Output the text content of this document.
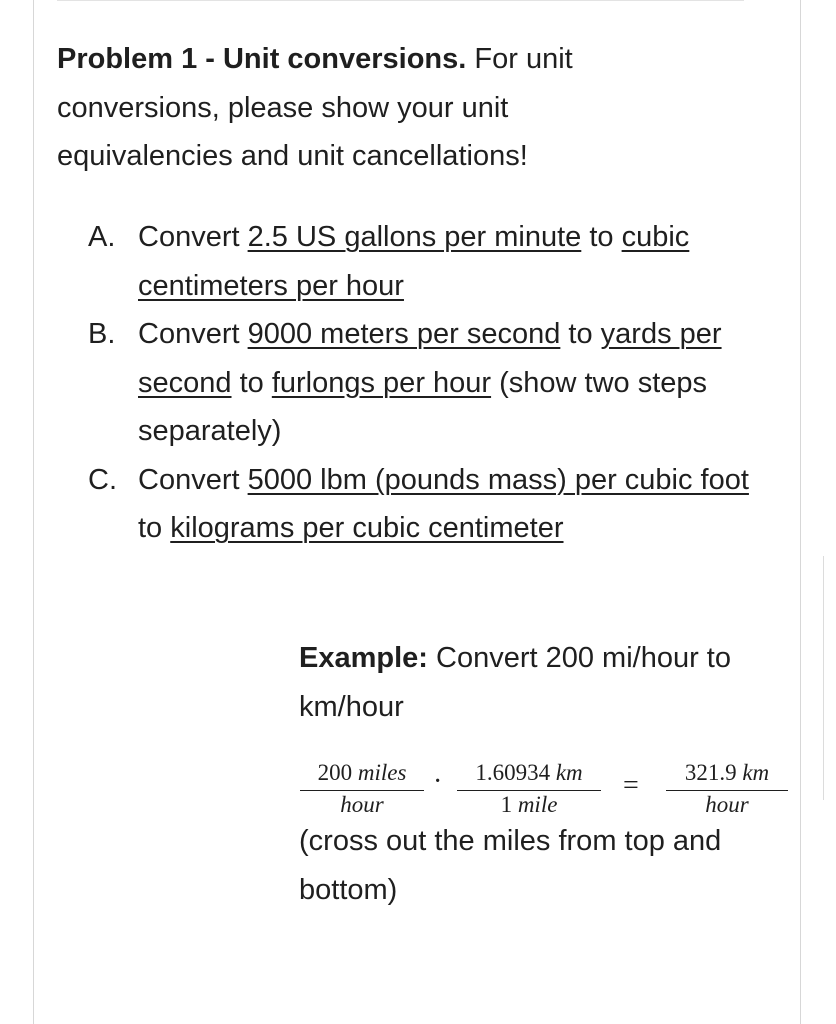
Problem 1 - Unit conversions. For unit conversions, please show your unit equivalencies and unit cancellations!
A. Convert 2.5 US gallons per minute to cubic centimeters per hour
B. Convert 9000 meters per second to yards per second to furlongs per hour (show two steps separately)
C. Convert 5000 lbm (pounds mass) per cubic foot to kilograms per cubic centimeter
Example: Convert 200 mi/hour to km/hour
200 miles
hour
·	1.60934 km
1 mile
=	321.9 km
hour
(cross out the miles from top and bottom)
